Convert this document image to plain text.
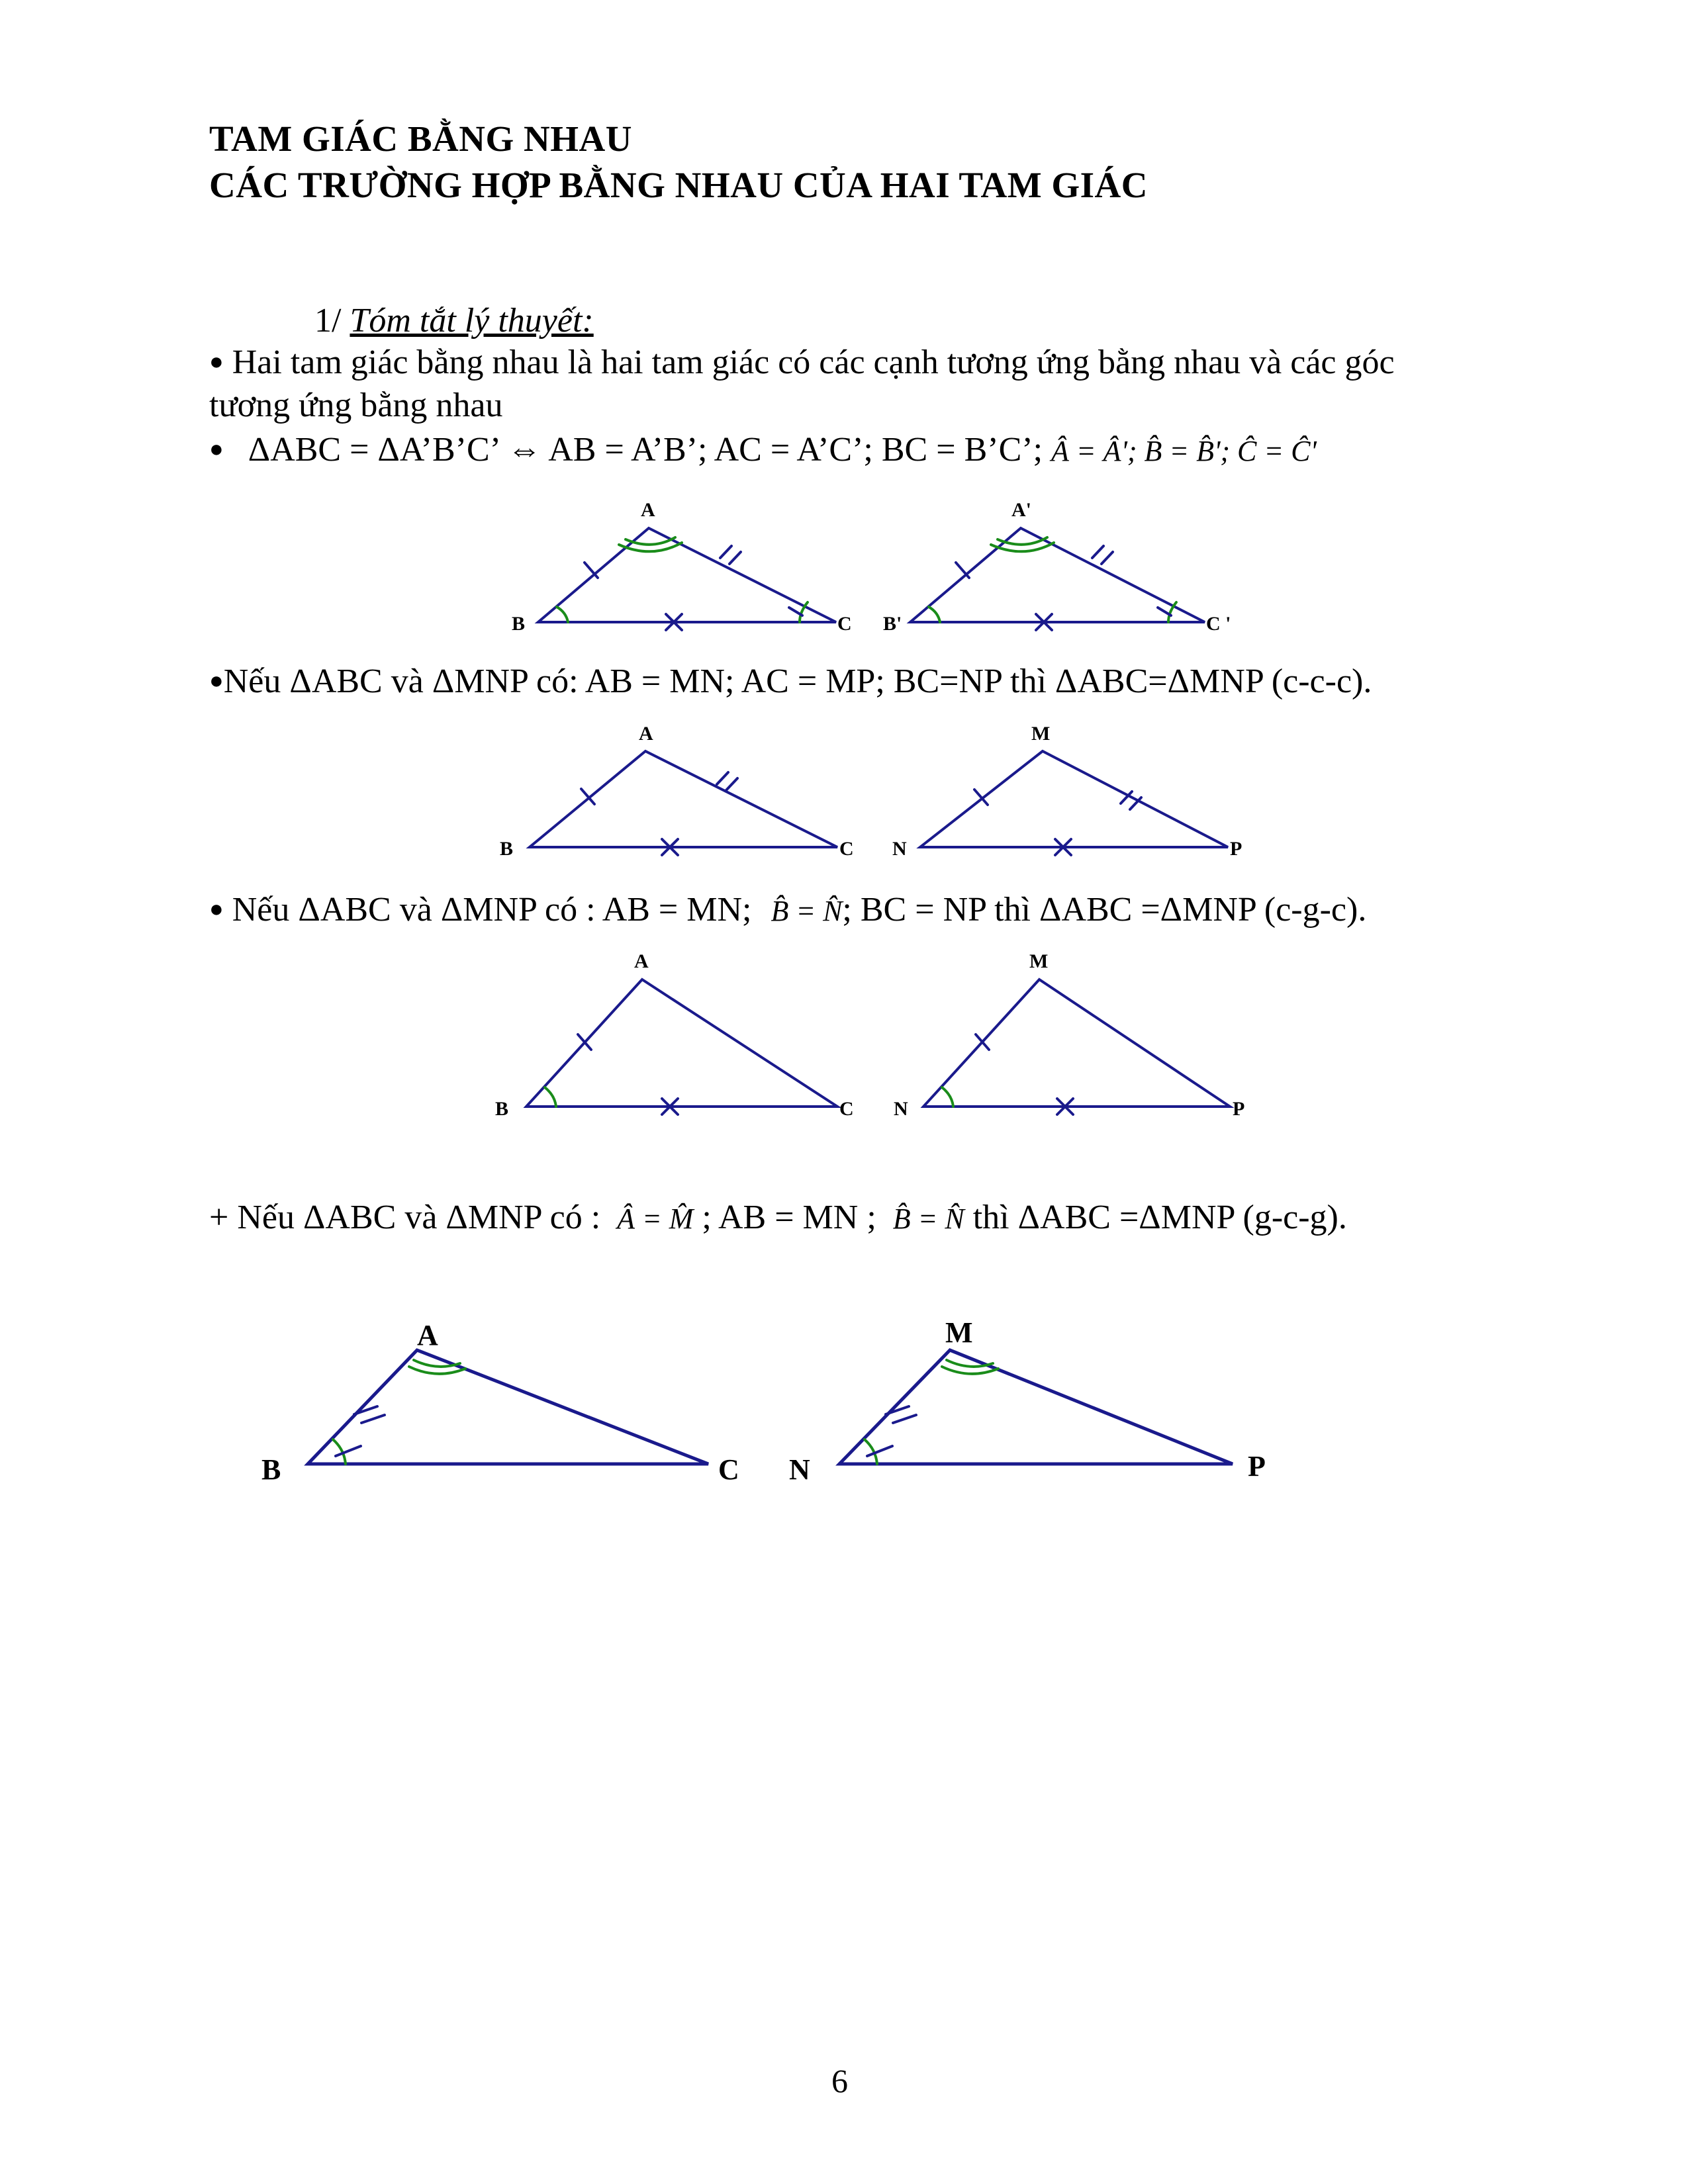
TAM GIÁC BẰNG NHAU
CÁC TRƯỜNG HỢP BẰNG NHAU CỦA HAI TAM GIÁC
1/ Tóm tắt lý thuyết:
● Hai tam giác bằng nhau là hai tam giác có các cạnh tương ứng bằng nhau và các góc
tương ứng bằng nhau
● ΔABC = ΔA’B’C’ ⇔ AB = A’B’; AC = A’C’; BC = B’C’; Â = Â'; B̂ = B̂'; Ĉ = Ĉ'
●Nếu ΔABC và ΔMNP có: AB = MN; AC = MP; BC=NP thì ΔABC=ΔMNP (c-c-c).
● Nếu ΔABC và ΔMNP có : AB = MN; B̂ = N̂; BC = NP thì ΔABC =ΔMNP (c-g-c).
+ Nếu ΔABC và ΔMNP có : Â = M̂ ; AB = MN ; B̂ = N̂ thì ΔABC =ΔMNP (g-c-g).
A
B	C
A'
B'	C '
A
B	C
M
N	P
A
B	C
M
N	P
A
B	C
M
N	P
6
